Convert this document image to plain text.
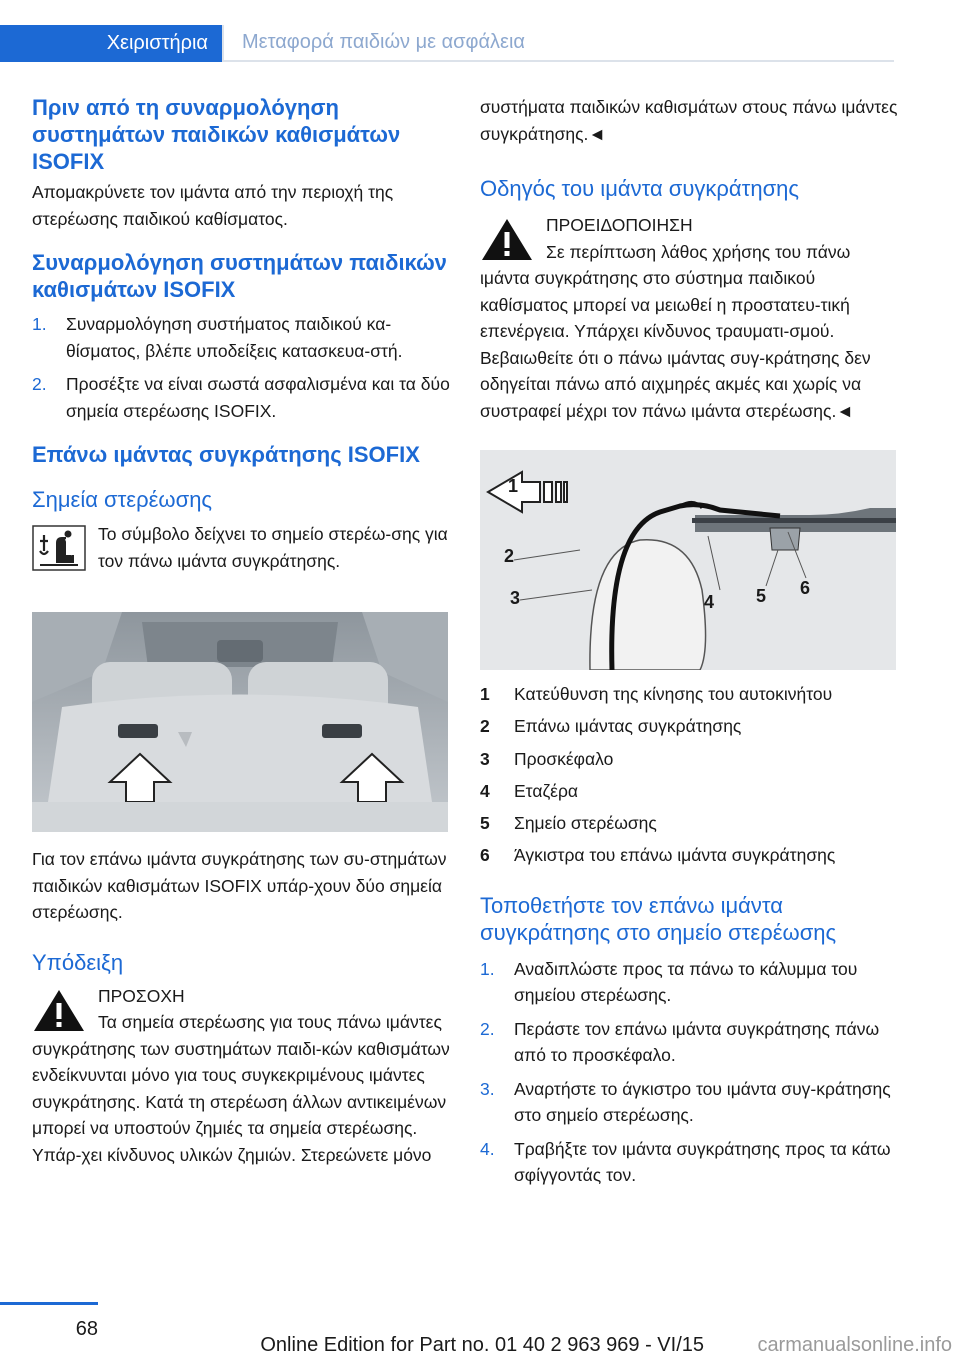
Χειριστήρια	Μεταφορά παιδιών με ασφάλεια
Πριν από τη συναρμολόγηση συστημάτων παιδικών καθισμάτων ISOFIX

Απομακρύνετε τον ιμάντα από την περιοχή της στερέωσης παιδικού καθίσματος.

Συναρμολόγηση συστημάτων παιδικών καθισμάτων ISOFIX
1. Συναρμολόγηση συστήματος παιδικού κα-θίσματος, βλέπε υποδείξεις κατασκευα-στή.
2. Προσέξτε να είναι σωστά ασφαλισμένα και τα δύο σημεία στερέωσης ISOFIX.
Επάνω ιμάντας συγκράτησης ISOFIX
Σημεία στερέωσης

Το σύμβολο δείχνει το σημείο στερέω-σης για τον πάνω ιμάντα συγκράτησης.

Για τον επάνω ιμάντα συγκράτησης των συ-στημάτων παιδικών καθισμάτων ISOFIX υπάρ-χουν δύο σημεία στερέωσης.

Υπόδειξη

ΠΡΟΣΟΧΗ

Τα σημεία στερέωσης για τους πάνω ιμάντες συγκράτησης των συστημάτων παιδι-κών καθισμάτων ενδείκνυνται μόνο για τους συγκεκριμένους ιμάντες συγκράτησης. Κατά τη στερέωση άλλων αντικειμένων μπορεί να υποστούν ζημιές τα σημεία στερέωσης. Υπάρ-χει κίνδυνος υλικών ζημιών. Στερεώνετε μόνο

συστήματα παιδικών καθισμάτων στους πάνω ιμάντες συγκράτησης.◄

Οδηγός του ιμάντα συγκράτησης

ΠΡΟΕΙΔΟΠΟΙΗΣΗ

Σε περίπτωση λάθος χρήσης του πάνω ιμάντα συγκράτησης στο σύστημα παιδικού καθίσματος μπορεί να μειωθεί η προστατευ-τική επενέργεια. Υπάρχει κίνδυνος τραυματι-σμού. Βεβαιωθείτε ότι ο πάνω ιμάντας συγ-κράτησης δεν οδηγείται πάνω από αιχμηρές ακμές και χωρίς να συστραφεί μέχρι τον πάνω ιμάντα στερέωσης.◄

1
2
3	4 5 6
1 Κατεύθυνση της κίνησης του αυτοκινήτου
2 Επάνω ιμάντας συγκράτησης
3 Προσκέφαλο
4 Εταζέρα
5 Σημείο στερέωσης
6 Άγκιστρα του επάνω ιμάντα συγκράτησης
Τοποθετήστε τον επάνω ιμάντα συγκράτησης στο σημείο στερέωσης
1. Αναδιπλώστε προς τα πάνω το κάλυμμα του σημείου στερέωσης.
2. Περάστε τον επάνω ιμάντα συγκράτησης πάνω από το προσκέφαλο.
3. Αναρτήστε το άγκιστρο του ιμάντα συγ-κράτησης στο σημείο στερέωσης.
4. Τραβήξτε τον ιμάντα συγκράτησης προς τα κάτω σφίγγοντάς τον.
68
Online Edition for Part no. 01 40 2 963 969 - VI/15	carmanualsonline.info
